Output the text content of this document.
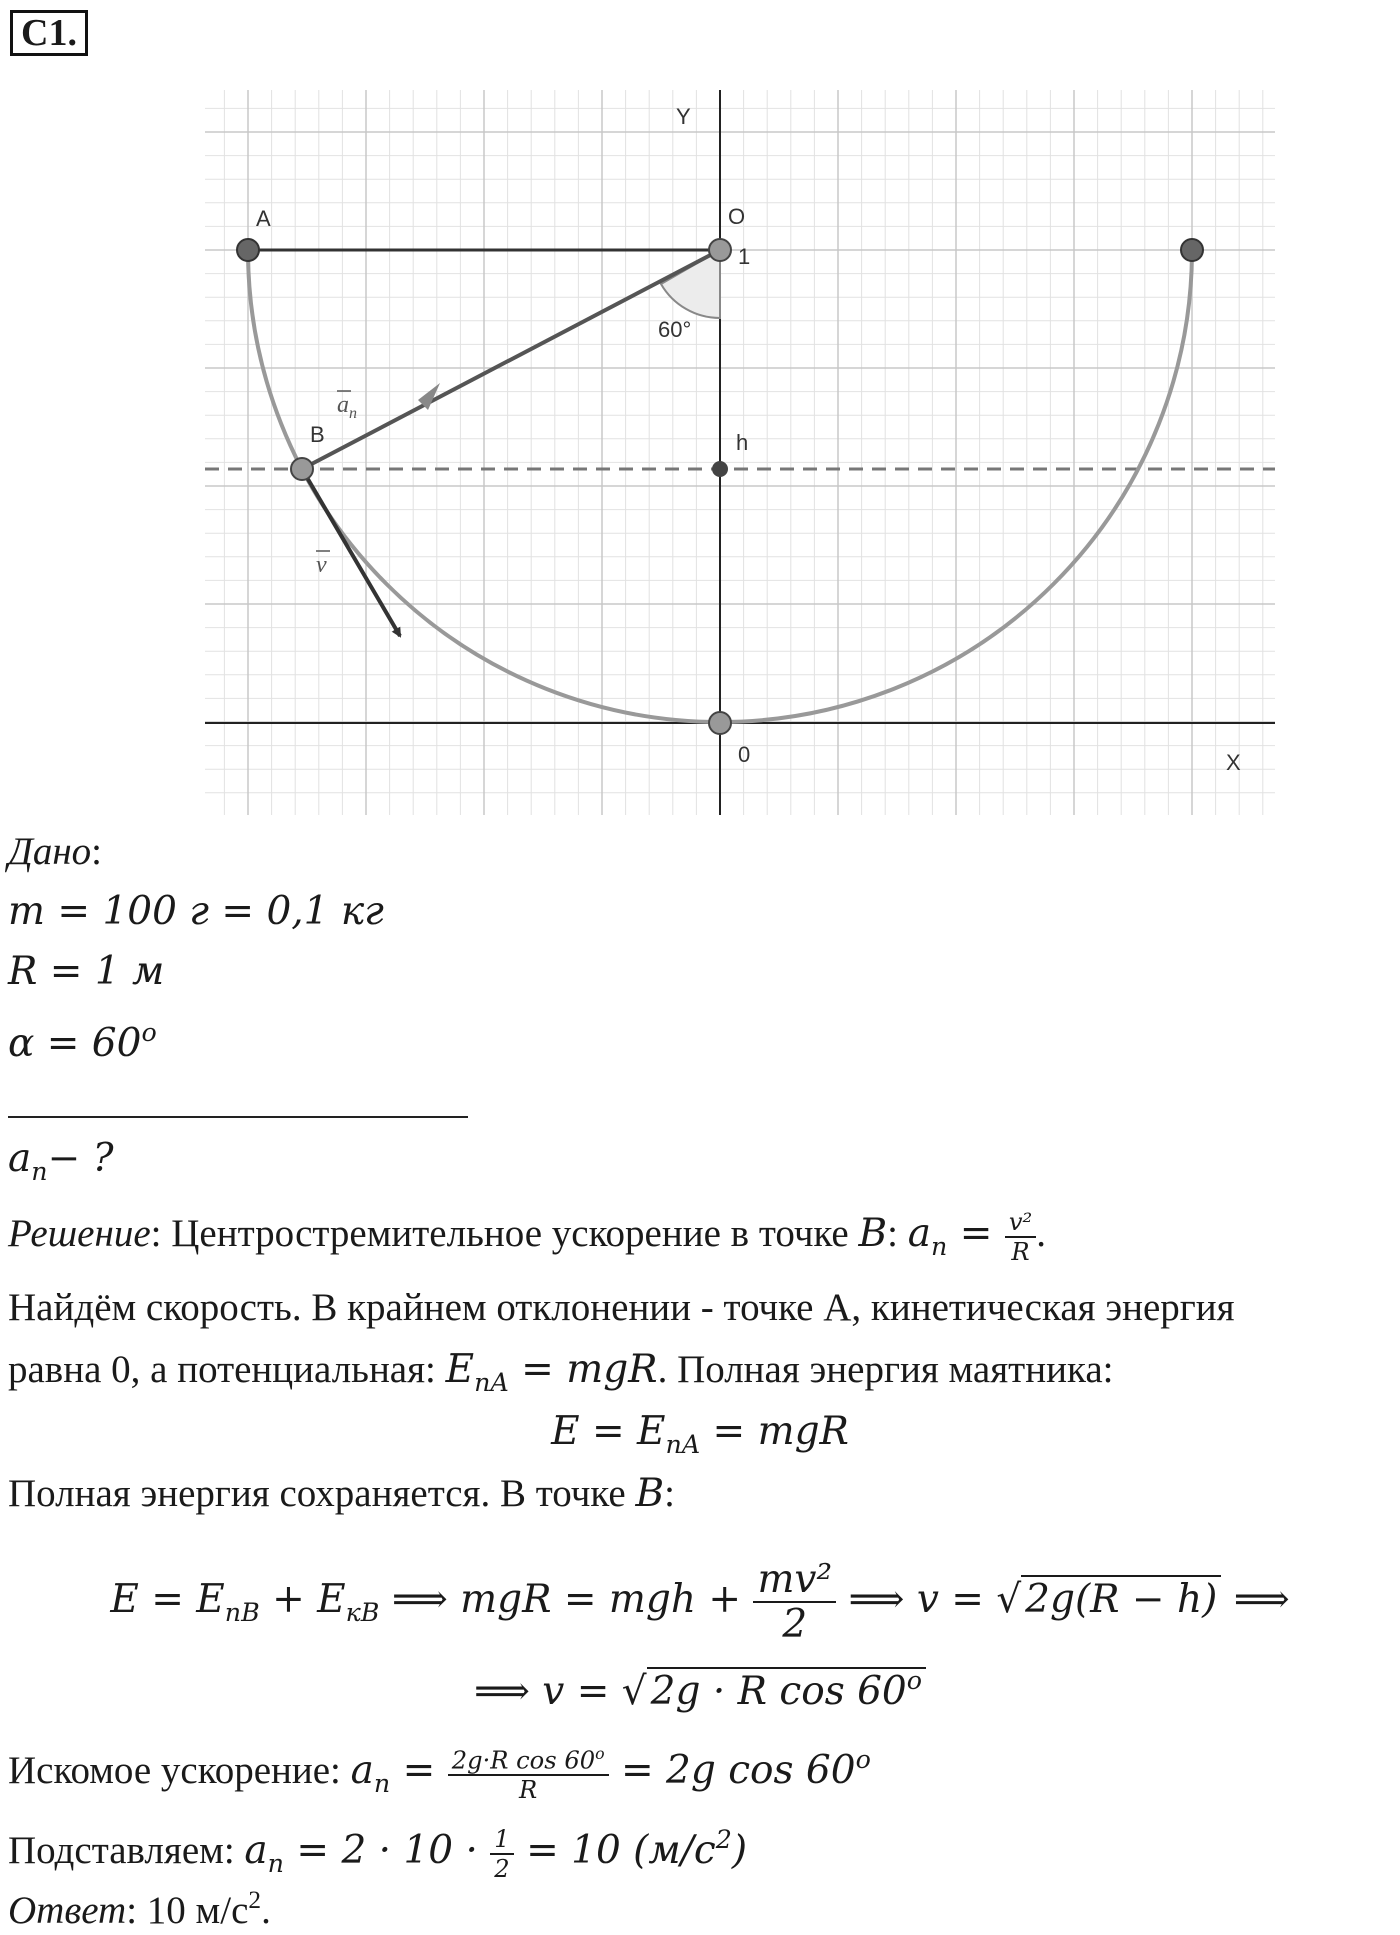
C1.
Y
X
A	O
1
B	h
0
60°
$a_n$
v
Дано:
m = 100 г = 0,1 кг
R = 1 м
$\alpha = 60^o$
$a_n-$ ?
Решение: Центростремительное ускорение в точке B: $a_n = \frac{\text{v²}}{R}$ .
Найдём скорость. В крайнем отклонении - точке А, кинетическая энергия
равна 0, а потенциальная: $E_{пA}$ = mgR. Полная энергия маятника:
$E = E_{пA}$ = mgR
Полная энергия сохраняется. В точке B:
$E = E_{пB} + E_{кB}$ ⟹ mgR = mgh + $\frac{\text{mv²}}{2}$ ⟹ v = √ 2g(R − h) ⟹
⟹ v = √ 2g · R cos 60$^o$
Искомое ускорение: $a_n = \frac{2g\cdot R \cos 60^o}{R} = 2g$ cos 60$^o$
Подставляем: $a_n = 2 \cdot 10 \cdot \frac{1}{2} = 10$ $(м/с^2)$
Ответ: 10 $м/с^2$.
